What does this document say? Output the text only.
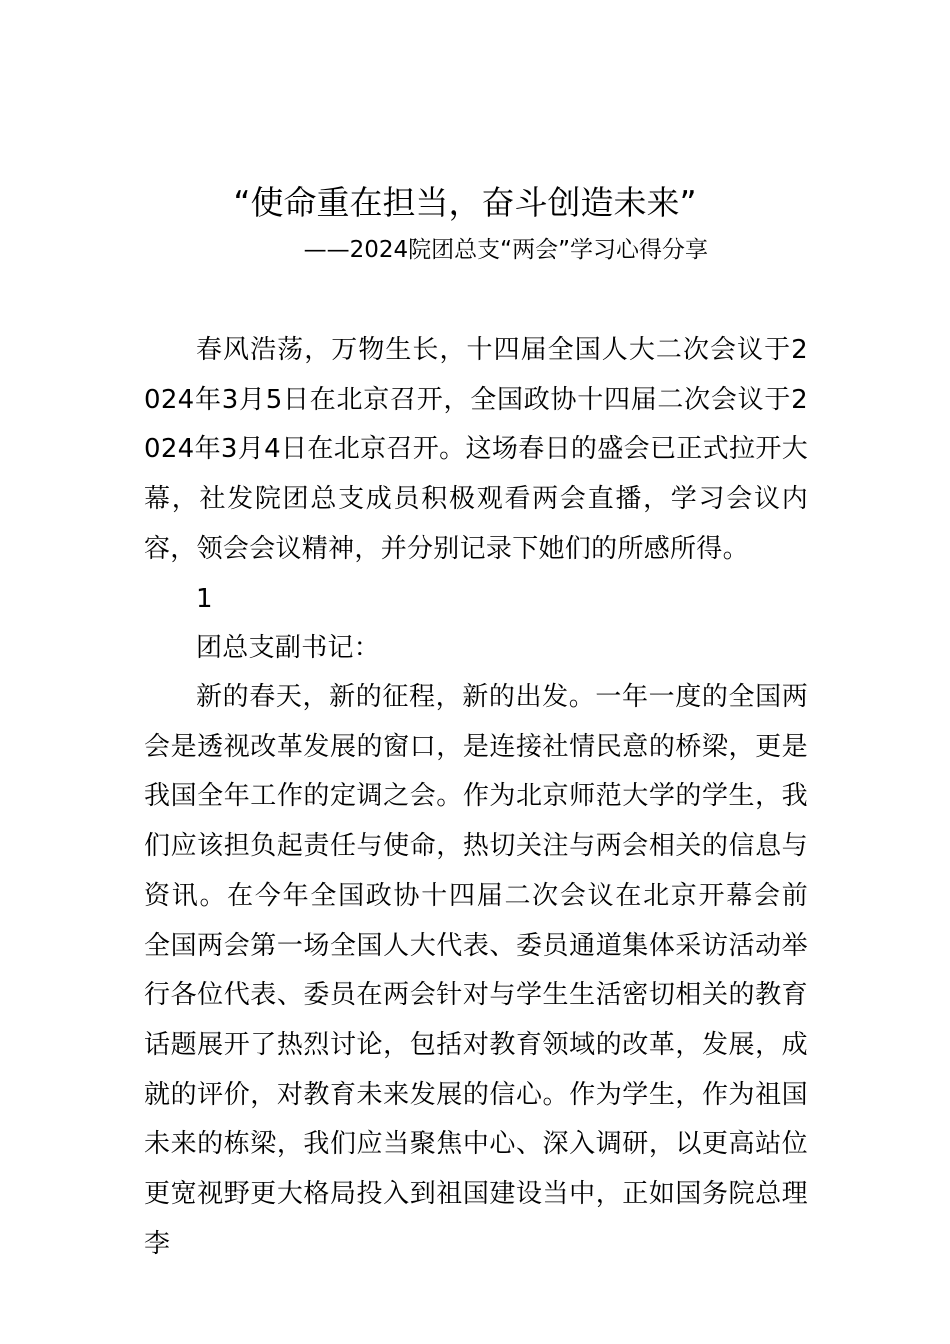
“使命重在担当，奋斗创造未来”
——2024院团总支“两会”学习心得分享

春风浩荡，万物生长，十四届全国人大二次会议于2024年3月5日在北京召开，全国政协十四届二次会议于2024年3月4日在北京召开。这场春日的盛会已正式拉开大幕，社发院团总支成员积极观看两会直播，学习会议内容，领会会议精神，并分别记录下她们的所感所得。

1

团总支副书记：

新的春天，新的征程，新的出发。一年一度的全国两会是透视改革发展的窗口，是连接社情民意的桥梁，更是我国全年工作的定调之会。作为北京师范大学的学生，我们应该担负起责任与使命，热切关注与两会相关的信息与资讯。在今年全国政协十四届二次会议在北京开幕会前 全国两会第一场全国人大代表、委员通道集体采访活动举行各位代表、委员在两会针对与学生生活密切相关的教育话题展开了热烈讨论，包括对教育领域的改革，发展，成就的评价，对教育未来发展的信心。作为学生，作为祖国未来的栋梁，我们应当聚焦中心、深入调研，以更高站位更宽视野更大格局投入到祖国建设当中，正如国务院总理李
